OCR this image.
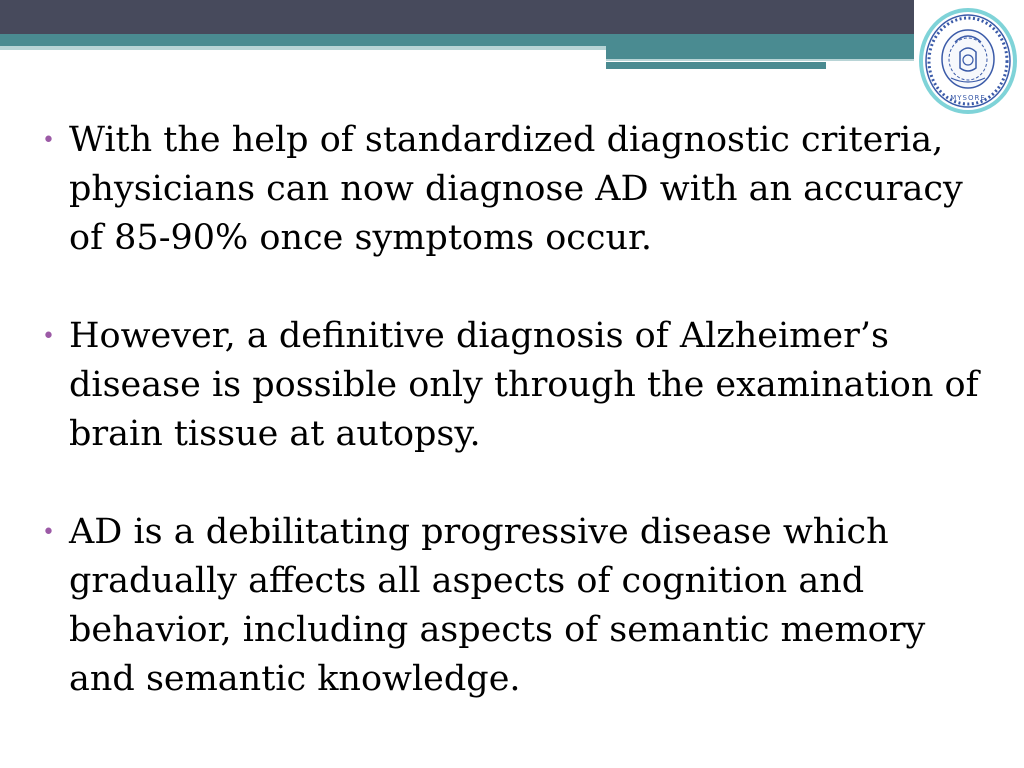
MYSORE
• With the help of standardized diagnostic criteria, physicians can now diagnose AD with an accuracy of 85-90% once symptoms occur.
• However, a definitive diagnosis of Alzheimer’s disease is possible only through the examination of brain tissue at autopsy.
• AD is a debilitating progressive disease which gradually affects all aspects of cognition and behavior, including aspects of semantic memory and semantic knowledge.
